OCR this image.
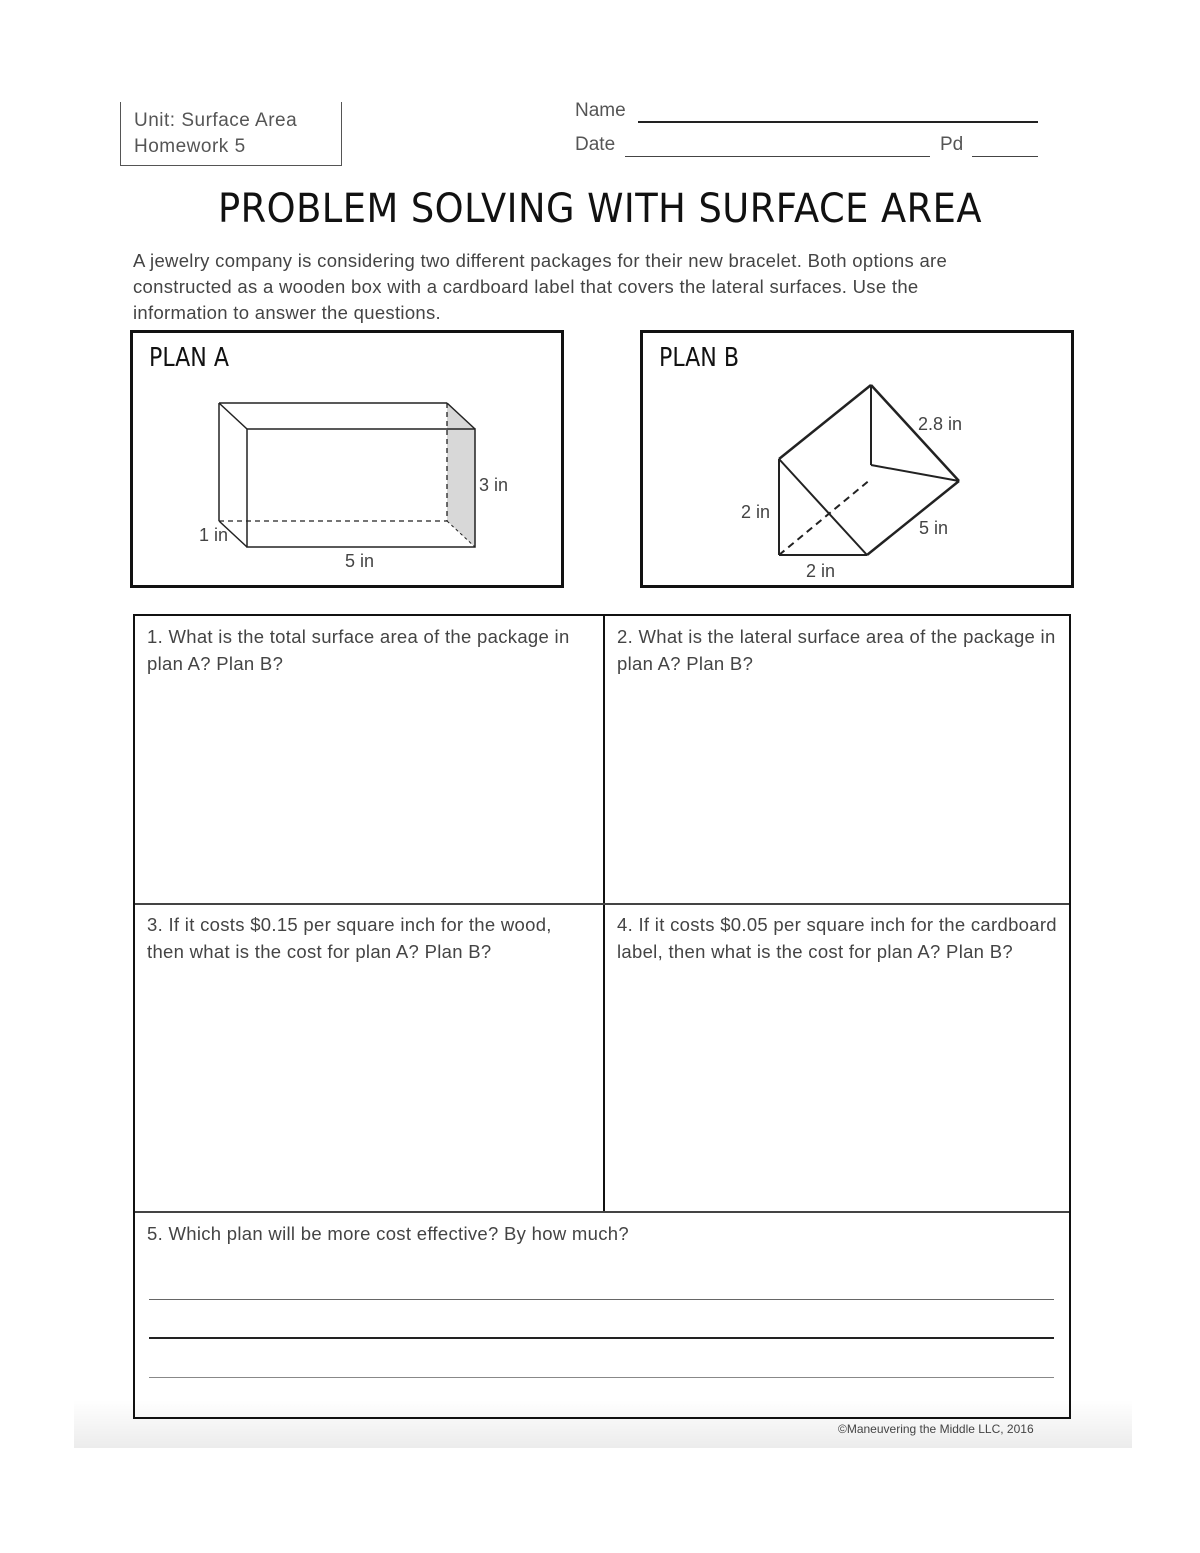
Unit: Surface Area
Homework 5
Name
Date	Pd
PROBLEM SOLVING WITH SURFACE AREA
A jewelry company is considering two different packages for their new bracelet. Both options are constructed as a wooden box with a cardboard label that covers the lateral surfaces. Use the information to answer the questions.
PLAN A
3 in
1 in
5 in
PLAN B
2.8 in
2 in
5 in
2 in
1. What is the total surface area of the package in plan A? Plan B?
2. What is the lateral surface area of the package in plan A? Plan B?
3. If it costs $0.15 per square inch for the wood, then what is the cost for plan A? Plan B?
4. If it costs $0.05 per square inch for the cardboard label, then what is the cost for plan A? Plan B?
5. Which plan will be more cost effective? By how much?
©Maneuvering the Middle LLC, 2016
